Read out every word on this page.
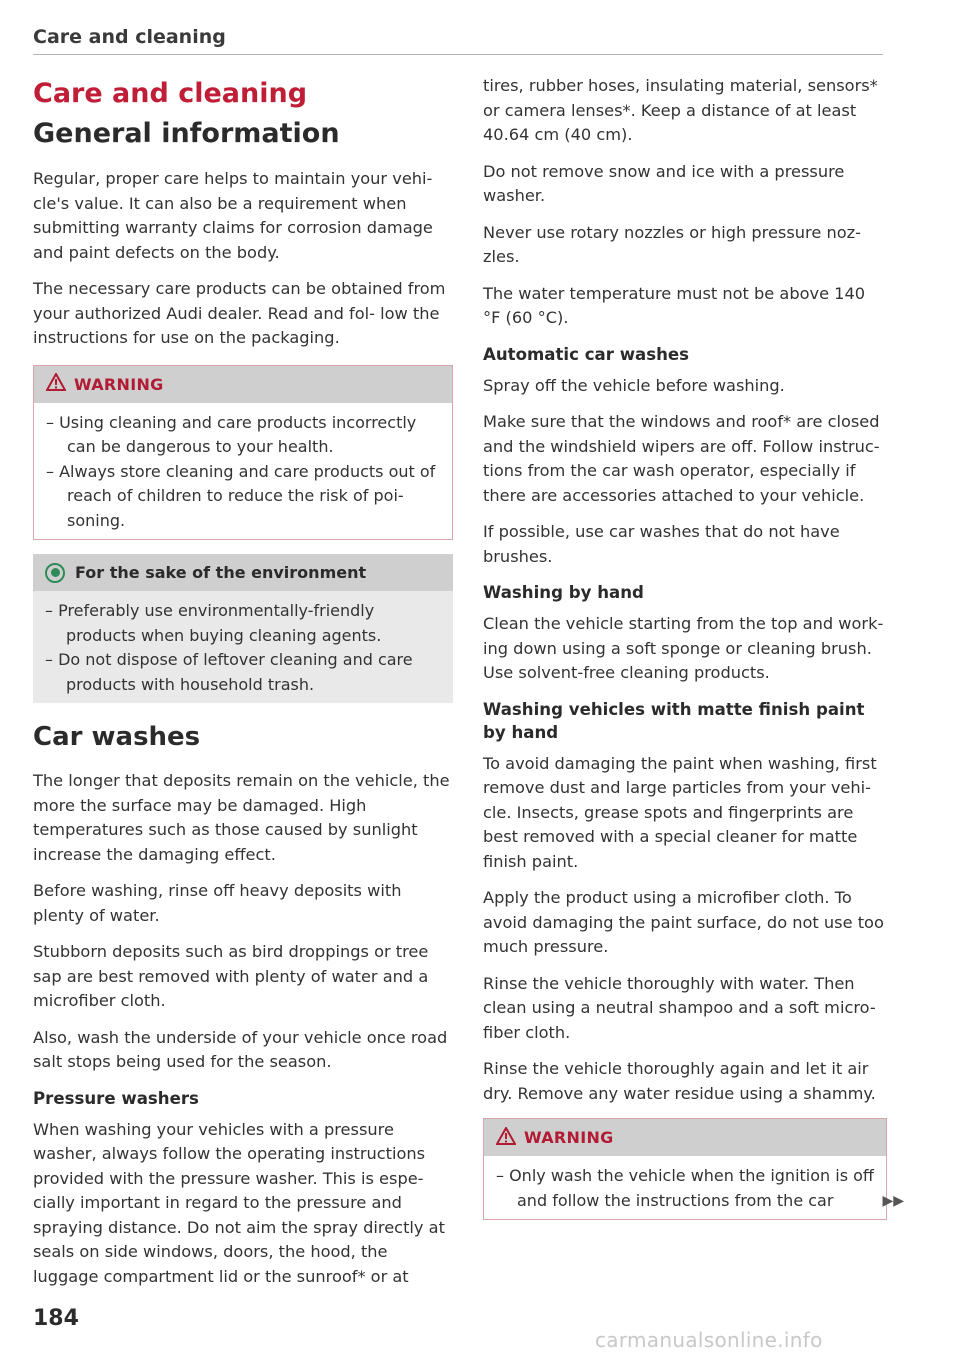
Care and cleaning
Care and cleaning
General information

Regular, proper care helps to maintain your vehi- cle's value. It can also be a requirement when submitting warranty claims for corrosion damage and paint defects on the body.

The necessary care products can be obtained from your authorized Audi dealer. Read and fol- low the instructions for use on the packaging.

WARNING
– Using cleaning and care products incorrectly can be dangerous to your health.
– Always store cleaning and care products out of reach of children to reduce the risk of poi- soning.
For the sake of the environment
– Preferably use environmentally-friendly products when buying cleaning agents.
– Do not dispose of leftover cleaning and care products with household trash.
Car washes

The longer that deposits remain on the vehicle, the more the surface may be damaged. High temperatures such as those caused by sunlight increase the damaging effect.

Before washing, rinse off heavy deposits with plenty of water.

Stubborn deposits such as bird droppings or tree sap are best removed with plenty of water and a microfiber cloth.

Also, wash the underside of your vehicle once road salt stops being used for the season.

Pressure washers

When washing your vehicles with a pressure washer, always follow the operating instructions provided with the pressure washer. This is espe- cially important in regard to the pressure and spraying distance. Do not aim the spray directly at seals on side windows, doors, the hood, the luggage compartment lid or the sunroof* or at

tires, rubber hoses, insulating material, sensors* or camera lenses*. Keep a distance of at least 40.64 cm (40 cm).

Do not remove snow and ice with a pressure washer.

Never use rotary nozzles or high pressure noz- zles.

The water temperature must not be above 140 °F (60 °C).

Automatic car washes

Spray off the vehicle before washing.

Make sure that the windows and roof* are closed and the windshield wipers are off. Follow instruc- tions from the car wash operator, especially if there are accessories attached to your vehicle.

If possible, use car washes that do not have brushes.

Washing by hand

Clean the vehicle starting from the top and work- ing down using a soft sponge or cleaning brush. Use solvent-free cleaning products.

Washing vehicles with matte finish paint by hand

To avoid damaging the paint when washing, first remove dust and large particles from your vehi- cle. Insects, grease spots and fingerprints are best removed with a special cleaner for matte finish paint.

Apply the product using a microfiber cloth. To avoid damaging the paint surface, do not use too much pressure.

Rinse the vehicle thoroughly with water. Then clean using a neutral shampoo and a soft micro- fiber cloth.

Rinse the vehicle thoroughly again and let it air dry. Remove any water residue using a shammy.

WARNING
– Only wash the vehicle when the ignition is off and follow the instructions from the car	▶▶
184
carmanualsonline.info
